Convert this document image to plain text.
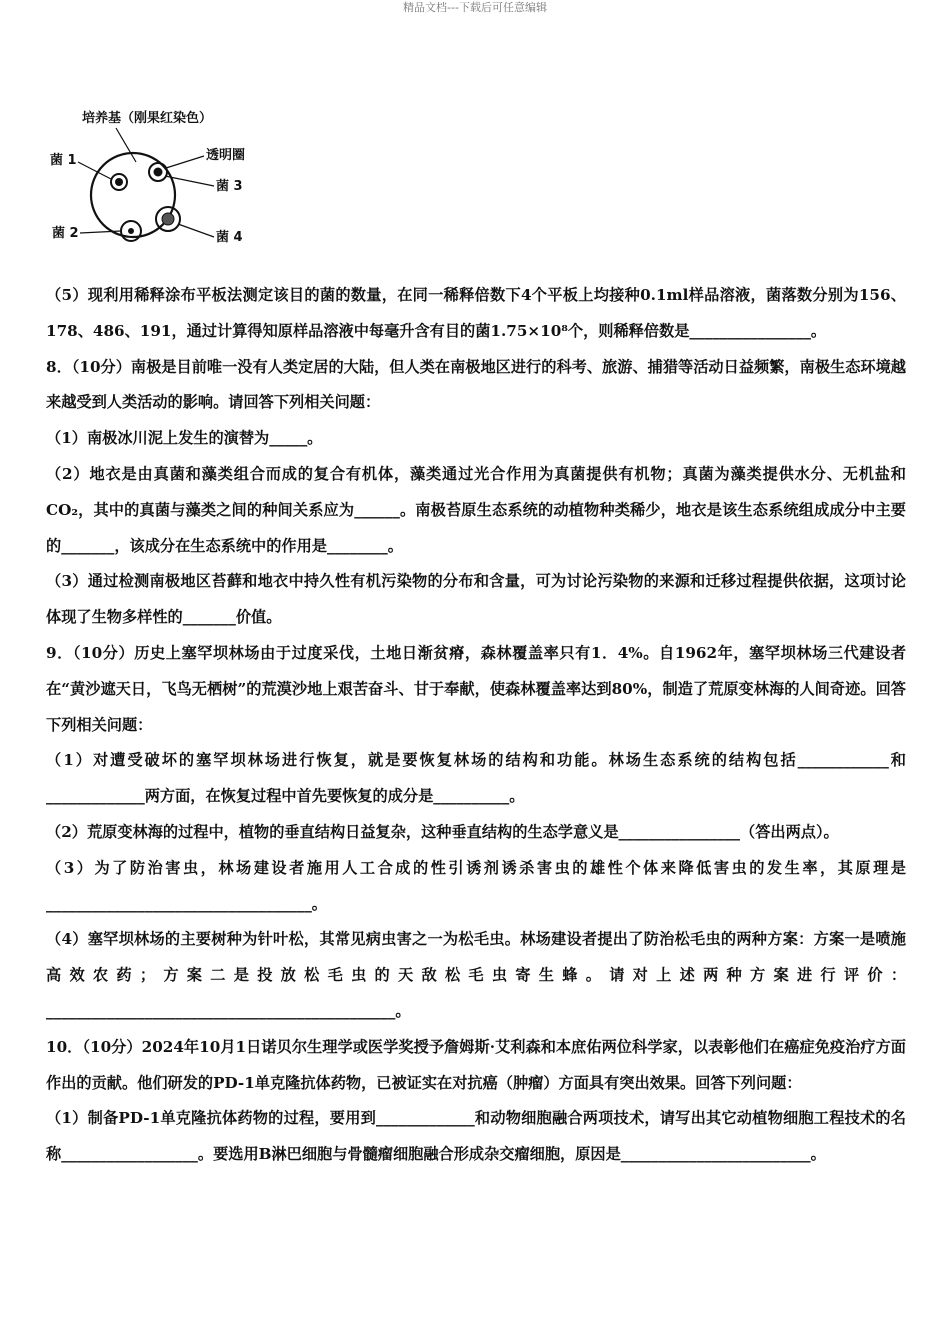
精品文档---下载后可任意编辑
培养基（刚果红染色）
菌 1	透明圈
菌 3
菌 2	菌 4

（5）现利用稀释涂布平板法测定该目的菌的数量，在同一稀释倍数下4个平板上均接种0.1ml样品溶液，菌落数分别为156、178、486、191，通过计算得知原样品溶液中每毫升含有目的菌1.75×10⁸个，则稀释倍数是________________。

8．（10分）南极是目前唯一没有人类定居的大陆，但人类在南极地区进行的科考、旅游、捕猎等活动日益频繁，南极生态环境越来越受到人类活动的影响。请回答下列相关问题：

（1）南极冰川泥上发生的演替为_____。

（2）地衣是由真菌和藻类组合而成的复合有机体，藻类通过光合作用为真菌提供有机物；真菌为藻类提供水分、无机盐和CO₂，其中的真菌与藻类之间的种间关系应为______。南极苔原生态系统的动植物种类稀少，地衣是该生态系统组成成分中主要的_______，该成分在生态系统中的作用是________。

（3）通过检测南极地区苔藓和地衣中持久性有机污染物的分布和含量，可为讨论污染物的来源和迁移过程提供依据，这项讨论体现了生物多样性的_______价值。

9．（10分）历史上塞罕坝林场由于过度采伐，土地日渐贫瘠，森林覆盖率只有1．4%。自1962年，塞罕坝林场三代建设者在“黄沙遮天日，飞鸟无栖树”的荒漠沙地上艰苦奋斗、甘于奉献，使森林覆盖率达到80%，制造了荒原变林海的人间奇迹。回答下列相关问题：

（1）对遭受破坏的塞罕坝林场进行恢复，就是要恢复林场的结构和功能。林场生态系统的结构包括____________和_____________两方面，在恢复过程中首先要恢复的成分是__________。

（2）荒原变林海的过程中，植物的垂直结构日益复杂，这种垂直结构的生态学意义是________________（答出两点）。

（3）为了防治害虫，林场建设者施用人工合成的性引诱剂诱杀害虫的雄性个体来降低害虫的发生率，其原理是___________________________________。

（4）塞罕坝林场的主要树种为针叶松，其常见病虫害之一为松毛虫。林场建设者提出了防治松毛虫的两种方案：方案一是喷施高效农药；方案二是投放松毛虫的天敌松毛虫寄生蜂。请对上述两种方案进行评价：______________________________________________。

10．（10分）2024年10月1日诺贝尔生理学或医学奖授予詹姆斯·艾利森和本庶佑两位科学家，以表彰他们在癌症免疫治疗方面作出的贡献。他们研发的PD-1单克隆抗体药物，已被证实在对抗癌（肿瘤）方面具有突出效果。回答下列问题：

（1）制备PD-1单克隆抗体药物的过程，要用到_____________和动物细胞融合两项技术，请写出其它动植物细胞工程技术的名称__________________。要选用B淋巴细胞与骨髓瘤细胞融合形成杂交瘤细胞，原因是_________________________。
